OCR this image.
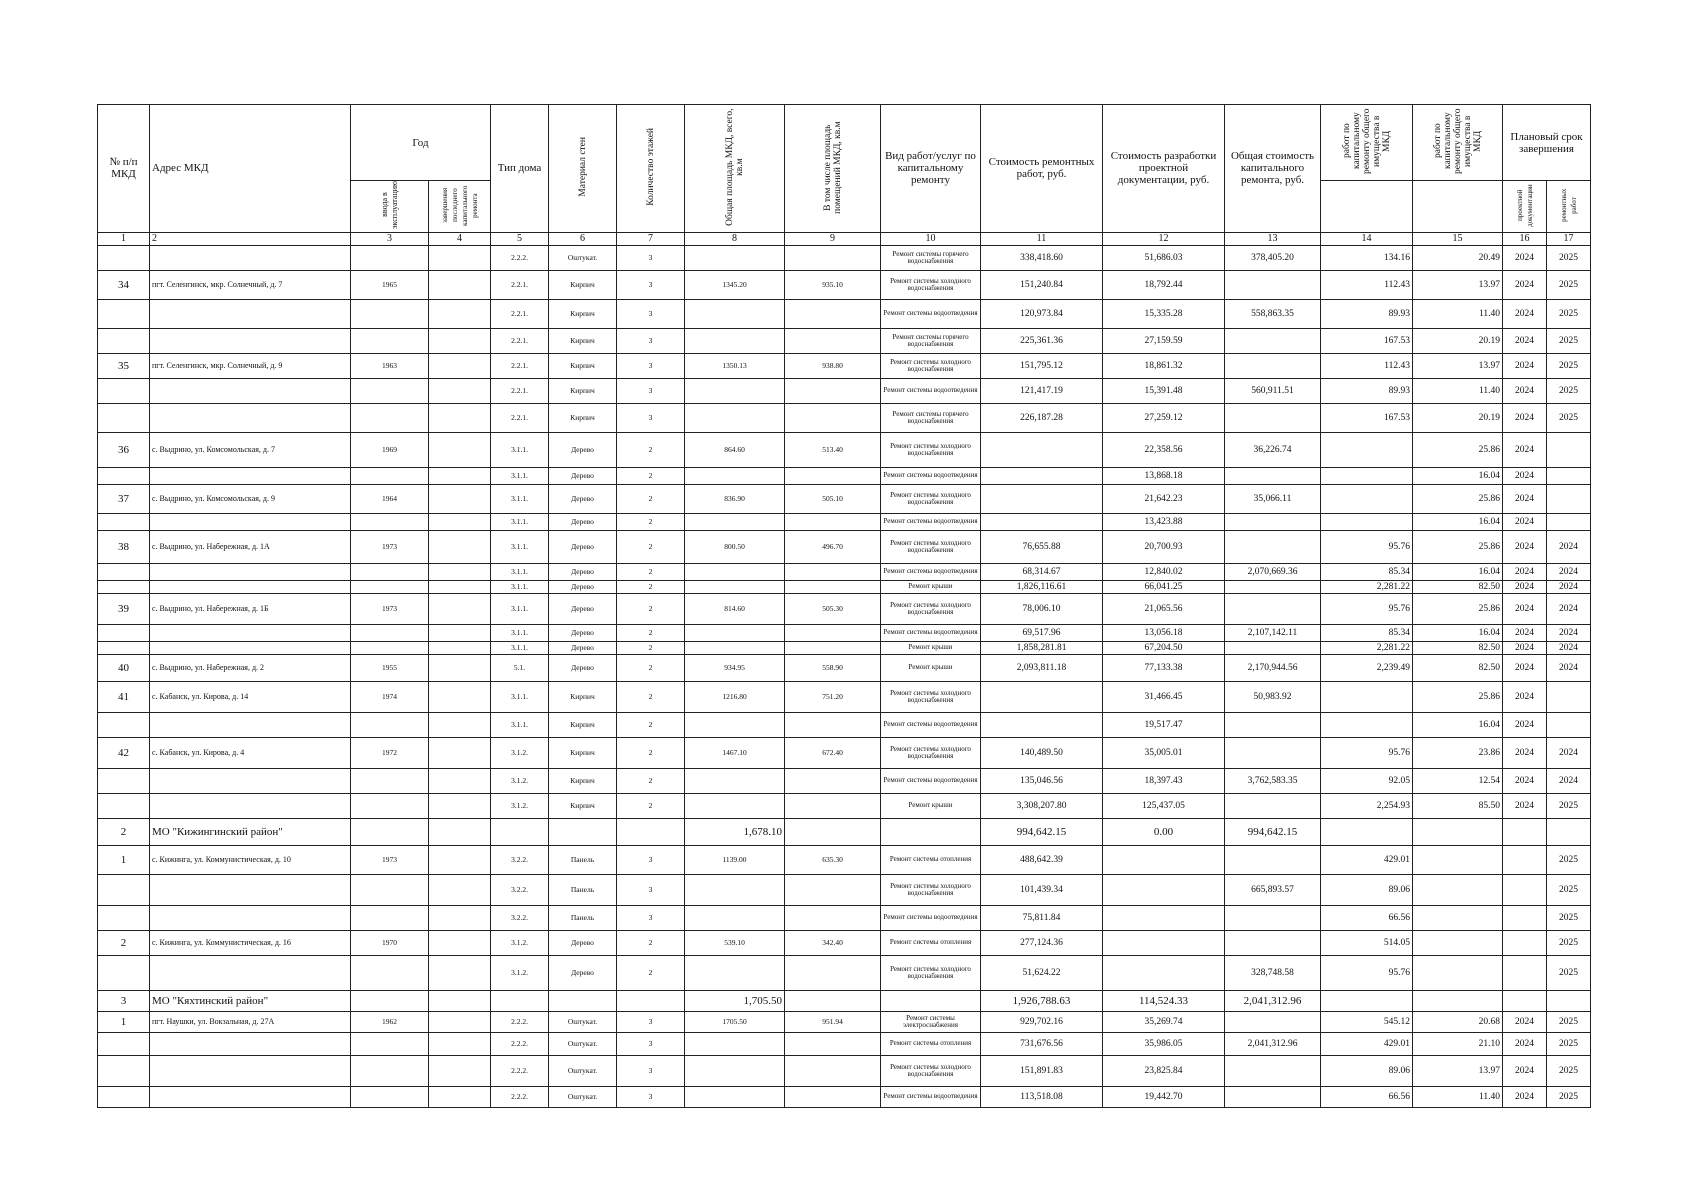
№ п/п МКД	Адрес МКД	Год		Тип дома	Материал стен	Количество этажей	Общая площадь МКД, всего, кв.м	В том числе площадь помещений МКД, кв.м	Вид работ/услуг по капитальному ремонту	Стоимость ремонтных работ, руб.	Стоимость разработки проектной документации, руб.	Общая стоимость капитального ремонта, руб.	работ по капитальному ремонту общего имущества в МКД	работ по капитальному ремонту общего имущества в МКД	Плановый срок завершения	
		ввода в эксплуатацию	завершения последнего капитального ремонта												проектной документации	ремонтных работ
1	2	3	4	5	6	7	8	9	10	11	12	13	14	15	16	17
				2.2.2.	Оштукат.	3			Ремонт системы горячего водоснабжения	338,418.60	51,686.03	378,405.20	134.16	20.49	2024	2025
34	пгт. Селенгинск, мкр. Солнечный, д. 7	1965		2.2.1.	Кирпич	3	1345.20	935.10	Ремонт системы холодного водоснабжения	151,240.84	18,792.44		112.43	13.97	2024	2025
				2.2.1.	Кирпич	3			Ремонт системы водоотведения	120,973.84	15,335.28	558,863.35	89.93	11.40	2024	2025
				2.2.1.	Кирпич	3			Ремонт системы горячего водоснабжения	225,361.36	27,159.59		167.53	20.19	2024	2025
35	пгт. Селенгинск, мкр. Солнечный, д. 9	1963		2.2.1.	Кирпич	3	1350.13	938.80	Ремонт системы холодного водоснабжения	151,795.12	18,861.32		112.43	13.97	2024	2025
				2.2.1.	Кирпич	3			Ремонт системы водоотведения	121,417.19	15,391.48	560,911.51	89.93	11.40	2024	2025
				2.2.1.	Кирпич	3			Ремонт системы горячего водоснабжения	226,187.28	27,259.12		167.53	20.19	2024	2025
36	с. Выдрино, ул. Комсомольская, д. 7	1969		3.1.1.	Дерево	2	864.60	513.40	Ремонт системы холодного водоснабжения		22,358.56	36,226.74		25.86	2024	
				3.1.1.	Дерево	2			Ремонт системы водоотведения		13,868.18			16.04	2024	
37	с. Выдрино, ул. Комсомольская, д. 9	1964		3.1.1.	Дерево	2	836.90	505.10	Ремонт системы холодного водоснабжения		21,642.23	35,066.11		25.86	2024	
				3.1.1.	Дерево	2			Ремонт системы водоотведения		13,423.88			16.04	2024	
38	с. Выдрино, ул. Набережная, д. 1А	1973		3.1.1.	Дерево	2	800.50	496.70	Ремонт системы холодного водоснабжения	76,655.88	20,700.93		95.76	25.86	2024	2024
				3.1.1.	Дерево	2			Ремонт системы водоотведения	68,314.67	12,840.02	2,070,669.36	85.34	16.04	2024	2024
				3.1.1.	Дерево	2			Ремонт крыши	1,826,116.61	66,041.25		2,281.22	82.50	2024	2024
39	с. Выдрино, ул. Набережная, д. 1Б	1973		3.1.1.	Дерево	2	814.60	505.30	Ремонт системы холодного водоснабжения	78,006.10	21,065.56		95.76	25.86	2024	2024
				3.1.1.	Дерево	2			Ремонт системы водоотведения	69,517.96	13,056.18	2,107,142.11	85.34	16.04	2024	2024
				3.1.1.	Дерево	2			Ремонт крыши	1,858,281.81	67,204.50		2,281.22	82.50	2024	2024
40	с. Выдрино, ул. Набережная, д. 2	1955		5.1.	Дерево	2	934.95	558.90	Ремонт крыши	2,093,811.18	77,133.38	2,170,944.56	2,239.49	82.50	2024	2024
41	с. Кабанск, ул. Кирова, д. 14	1974		3.1.1.	Кирпич	2	1216.80	751.20	Ремонт системы холодного водоснабжения		31,466.45	50,983.92		25.86	2024	
				3.1.1.	Кирпич	2			Ремонт системы водоотведения		19,517.47			16.04	2024	
42	с. Кабанск, ул. Кирова, д. 4	1972		3.1.2.	Кирпич	2	1467.10	672.40	Ремонт системы холодного водоснабжения	140,489.50	35,005.01		95.76	23.86	2024	2024
				3.1.2.	Кирпич	2			Ремонт системы водоотведения	135,046.56	18,397.43	3,762,583.35	92.05	12.54	2024	2024
				3.1.2.	Кирпич	2			Ремонт крыши	3,308,207.80	125,437.05		2,254.93	85.50	2024	2025
2	МО "Кижингинский район"						1,678.10			994,642.15	0.00	994,642.15				
1	с. Кижинга, ул. Коммунистическая, д. 10	1973		3.2.2.	Панель	3	1139.00	635.30	Ремонт системы отопления	488,642.39			429.01			2025
				3.2.2.	Панель	3			Ремонт системы холодного водоснабжения	101,439.34		665,893.57	89.06			2025
				3.2.2.	Панель	3			Ремонт системы водоотведения	75,811.84			66.56			2025
2	с. Кижинга, ул. Коммунистическая, д. 16	1970		3.1.2.	Дерево	2	539.10	342.40	Ремонт системы отопления	277,124.36			514.05			2025
				3.1.2.	Дерево	2			Ремонт системы холодного водоснабжения	51,624.22		328,748.58	95.76			2025
3	МО "Кяхтинский район"						1,705.50			1,926,788.63	114,524.33	2,041,312.96				
1	пгт. Наушки, ул. Вокзальная, д. 27А	1962		2.2.2.	Оштукат.	3	1705.50	951.94	Ремонт системы электроснабжения	929,702.16	35,269.74		545.12	20.68	2024	2025
				2.2.2.	Оштукат.	3			Ремонт системы отопления	731,676.56	35,986.05	2,041,312.96	429.01	21.10	2024	2025
				2.2.2.	Оштукат.	3			Ремонт системы холодного водоснабжения	151,891.83	23,825.84		89.06	13.97	2024	2025
				2.2.2.	Оштукат.	3			Ремонт системы водоотведения	113,518.08	19,442.70		66.56	11.40	2024	2025
